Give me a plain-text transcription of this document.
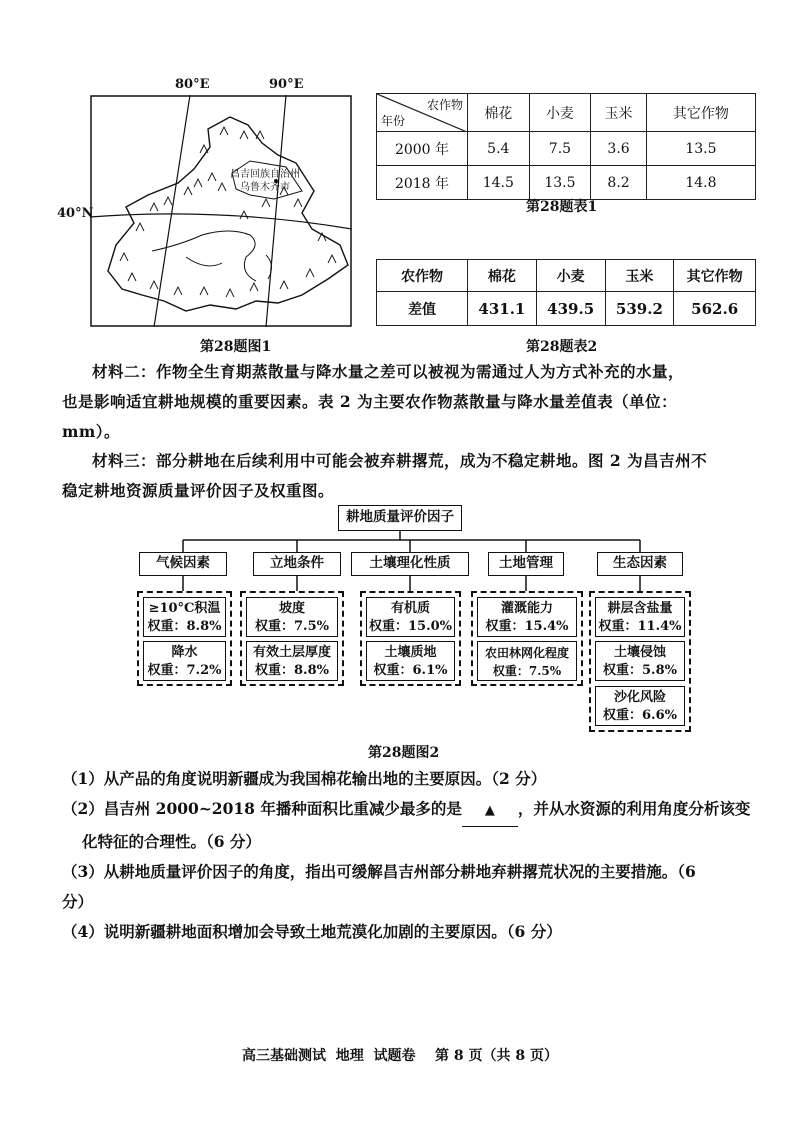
80°E	90°E
40°N
昌吉回族自治州
乌鲁木齐市
第28题图1
农作物
年份	棉花	小麦	玉米	其它作物
2000 年	5.4	7.5	3.6	13.5
2018 年	14.5	13.5	8.2	14.8
第28题表1
农作物	棉花	小麦	玉米	其它作物
差值	431.1	439.5	539.2	562.6
第28题表2
材料二：作物全生育期蒸散量与降水量之差可以被视为需通过人为方式补充的水量，
也是影响适宜耕地规模的重要因素。表 2 为主要农作物蒸散量与降水量差值表（单位：
mm）。
材料三：部分耕地在后续利用中可能会被弃耕撂荒，成为不稳定耕地。图 2 为昌吉州不
稳定耕地资源质量评价因子及权重图。
耕地质量评价因子
气候因素	立地条件	土壤理化性质	土地管理	生态因素
≥10°C积温
权重：8.8%
降水
权重：7.2%
坡度
权重：7.5%
有效土层厚度
权重：8.8%
有机质
权重：15.0%
土壤质地
权重：6.1%
灌溉能力
权重：15.4%
农田林网化程度
权重：7.5%
耕层含盐量
权重：11.4%
土壤侵蚀
权重：5.8%
沙化风险
权重：6.6%
第28题图2
（1）从产品的角度说明新疆成为我国棉花输出地的主要原因。（2 分）
（2）昌吉州 2000~2018 年播种面积比重减少最多的是 ▲ ，并从水资源的利用角度分析该变
化特征的合理性。（6 分）
（3）从耕地质量评价因子的角度，指出可缓解昌吉州部分耕地弃耕撂荒状况的主要措施。（6
分）
（4）说明新疆耕地面积增加会导致土地荒漠化加剧的主要原因。（6 分）
高三基础测试  地理  试题卷    第 8 页（共 8 页）
